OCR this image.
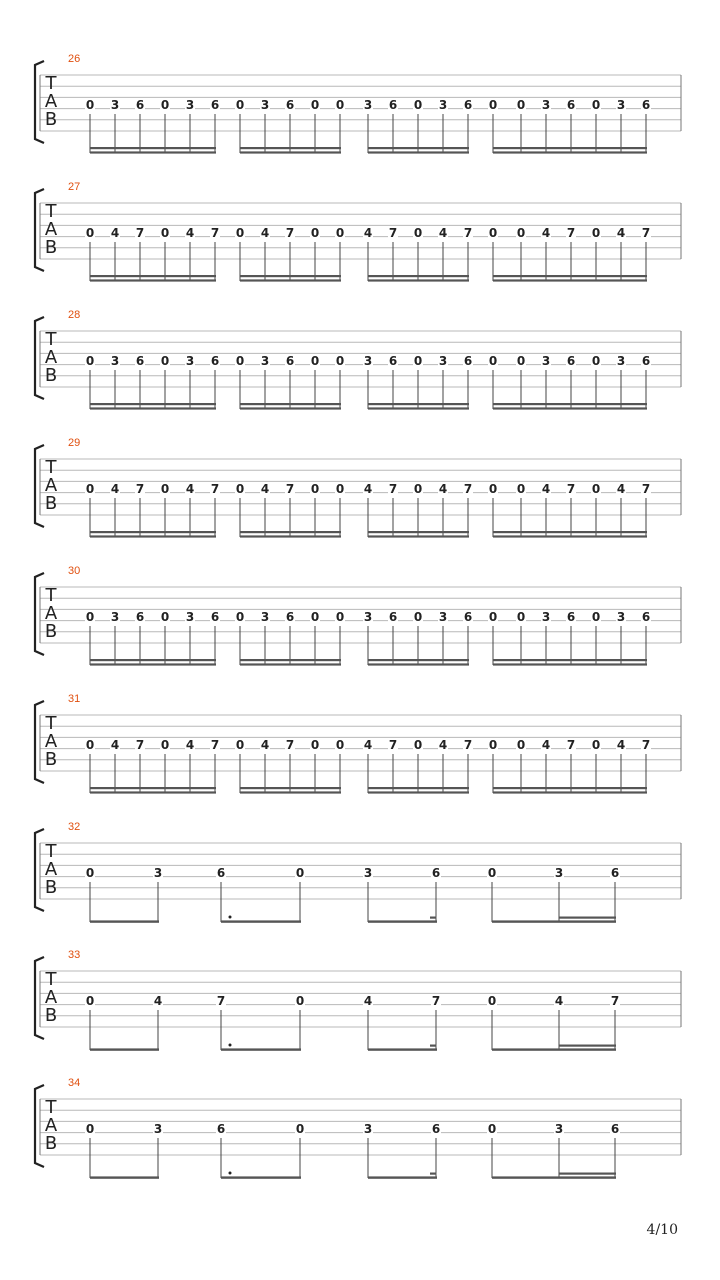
26
T
A
B
0 3 6 0 3 6 0 3 6 0 0 3 6 0 3 6 0 0 3 6 0 3 6
27
T
A
B
0 4 7 0 4 7 0 4 7 0 0 4 7 0 4 7 0 0 4 7 0 4 7
28
T
A
B
0 3 6 0 3 6 0 3 6 0 0 3 6 0 3 6 0 0 3 6 0 3 6
29
T
A
B
0 4 7 0 4 7 0 4 7 0 0 4 7 0 4 7 0 0 4 7 0 4 7
30
T
A
B
0 3 6 0 3 6 0 3 6 0 0 3 6 0 3 6 0 0 3 6 0 3 6
31
T
A
B
0 4 7 0 4 7 0 4 7 0 0 4 7 0 4 7 0 0 4 7 0 4 7
32
T
A
B
0	3	6	0	3	6	0	3	6
33
T
A
B
0	4	7	0	4	7	0	4	7
34
T
A
B
0	3	6	0	3	6	0	3	6
4/10
